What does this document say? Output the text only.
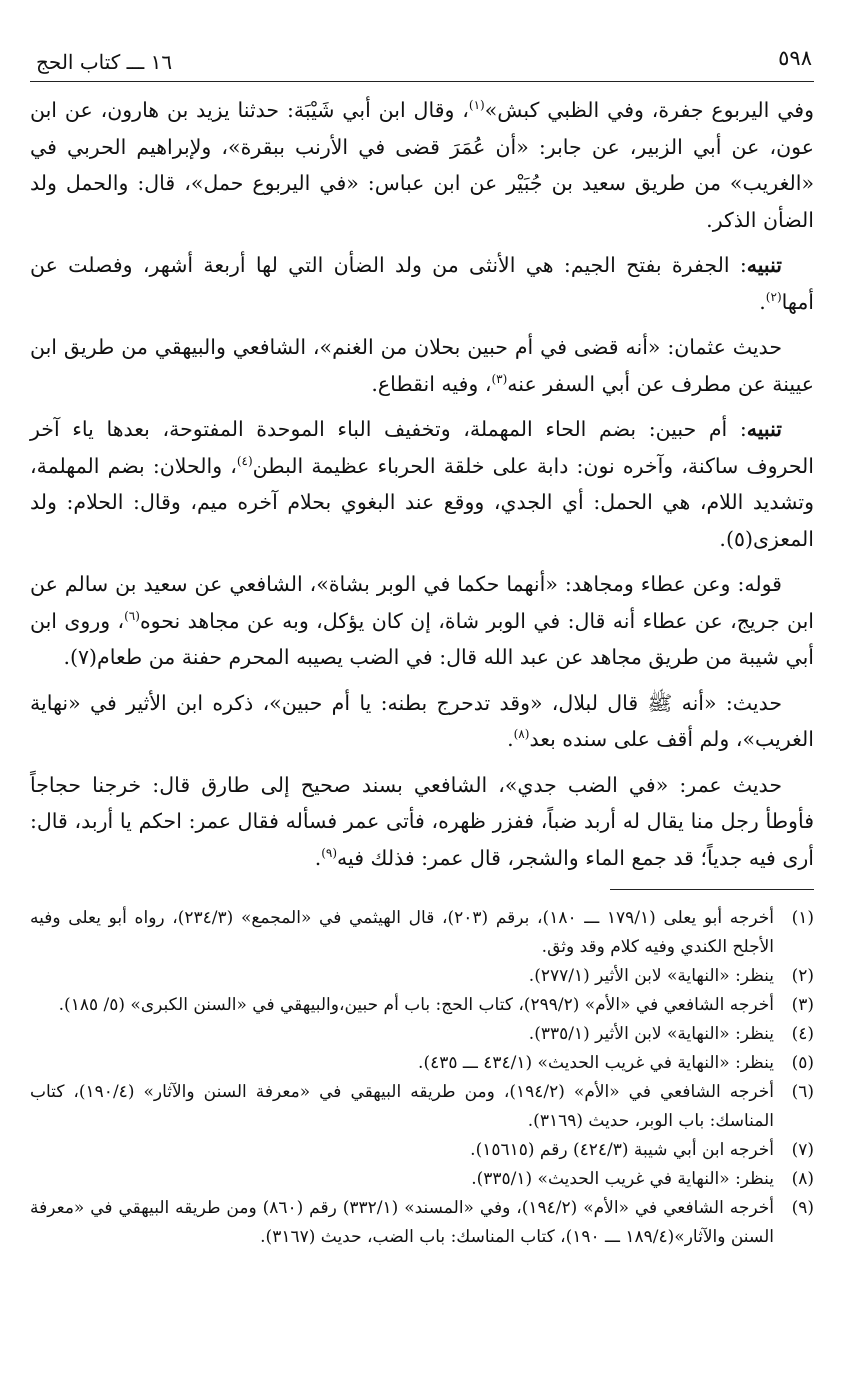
٥٩٨
١٦ ـــ كتاب الحج

وفي اليربوع جفرة، وفي الظبي كبش»$^{(١)}$، وقال ابن أبي شَيْبَة: حدثنا يزيد بن هارون، عن ابن عون، عن أبي الزبير، عن جابر: «أن عُمَرَ قضى في الأرنب ببقرة»، ولإبراهيم الحربي في «الغريب» من طريق سعيد بن جُبَيْر عن ابن عباس: «في اليربوع حمل»، قال: والحمل ولد الضأن الذكر.

تنبيه: الجفرة بفتح الجيم: هي الأنثى من ولد الضأن التي لها أربعة أشهر، وفصلت عن أمها$^{(٢)}$.

حديث عثمان: «أنه قضى في أم حبين بحلان من الغنم»، الشافعي والبيهقي من طريق ابن عيينة عن مطرف عن أبي السفر عنه$^{(٣)}$، وفيه انقطاع.

تنبيه: أم حبين: بضم الحاء المهملة، وتخفيف الباء الموحدة المفتوحة، بعدها ياء آخر الحروف ساكنة، وآخره نون: دابة على خلقة الحرباء عظيمة البطن$^{(٤)}$، والحلان: بضم المهلمة، وتشديد اللام، هي الحمل: أي الجدي، ووقع عند البغوي بحلام آخره ميم، وقال: الحلام: ولد المعزى(٥).

قوله: وعن عطاء ومجاهد: «أنهما حكما في الوبر بشاة»، الشافعي عن سعيد بن سالم عن ابن جريج، عن عطاء أنه قال: في الوبر شاة، إن كان يؤكل، وبه عن مجاهد نحوه$^{(٦)}$، وروى ابن أبي شيبة من طريق مجاهد عن عبد الله قال: في الضب يصيبه المحرم حفنة من طعام(٧).

حديث: «أنه ﷺ قال لبلال، «وقد تدحرج بطنه: يا أم حبين»، ذكره ابن الأثير في «نهاية الغريب»، ولم أقف على سنده بعد$^{(٨)}$.

حديث عمر: «في الضب جدي»، الشافعي بسند صحيح إلى طارق قال: خرجنا حجاجاً فأوطأ رجل منا يقال له أربد ضباً، ففزر ظهره، فأتى عمر فسأله فقال عمر: احكم يا أربد، قال: أرى فيه جدياً؛ قد جمع الماء والشجر، قال عمر: فذلك فيه$^{(٩)}$.

(١)
أخرجه أبو يعلى (١٧٩/١ ـــ ١٨٠)، برقم (٢٠٣)، قال الهيثمي في «المجمع» (٢٣٤/٣)، رواه أبو يعلى وفيه الأجلح الكندي وفيه كلام وقد وثق.

(٢)
ينظر: «النهاية» لابن الأثير (٢٧٧/١).

(٣)
أخرجه الشافعي في «الأم» (٢٩٩/٢)، كتاب الحج: باب أم حبين،والبيهقي في «السنن الكبرى» (٥/ ١٨٥).

(٤)
ينظر: «النهاية» لابن الأثير (٣٣٥/١).

(٥)
ينظر: «النهاية في غريب الحديث» (٤٣٤/١ ـــ ٤٣٥).

(٦)
أخرجه الشافعي في «الأم» (١٩٤/٢)، ومن طريقه البيهقي في «معرفة السنن والآثار» (١٩٠/٤)، كتاب المناسك: باب الوبر، حديث (٣١٦٩).

(٧)
أخرجه ابن أبي شيبة (٤٢٤/٣) رقم (١٥٦١٥).

(٨)
ينظر: «النهاية في غريب الحديث» (٣٣٥/١).

(٩)
أخرجه الشافعي في «الأم» (١٩٤/٢)، وفي «المسند» (٣٣٢/١) رقم (٨٦٠) ومن طريقه البيهقي في «معرفة السنن والآثار»(١٨٩/٤ ـــ ١٩٠)، كتاب المناسك: باب الضب، حديث (٣١٦٧).
